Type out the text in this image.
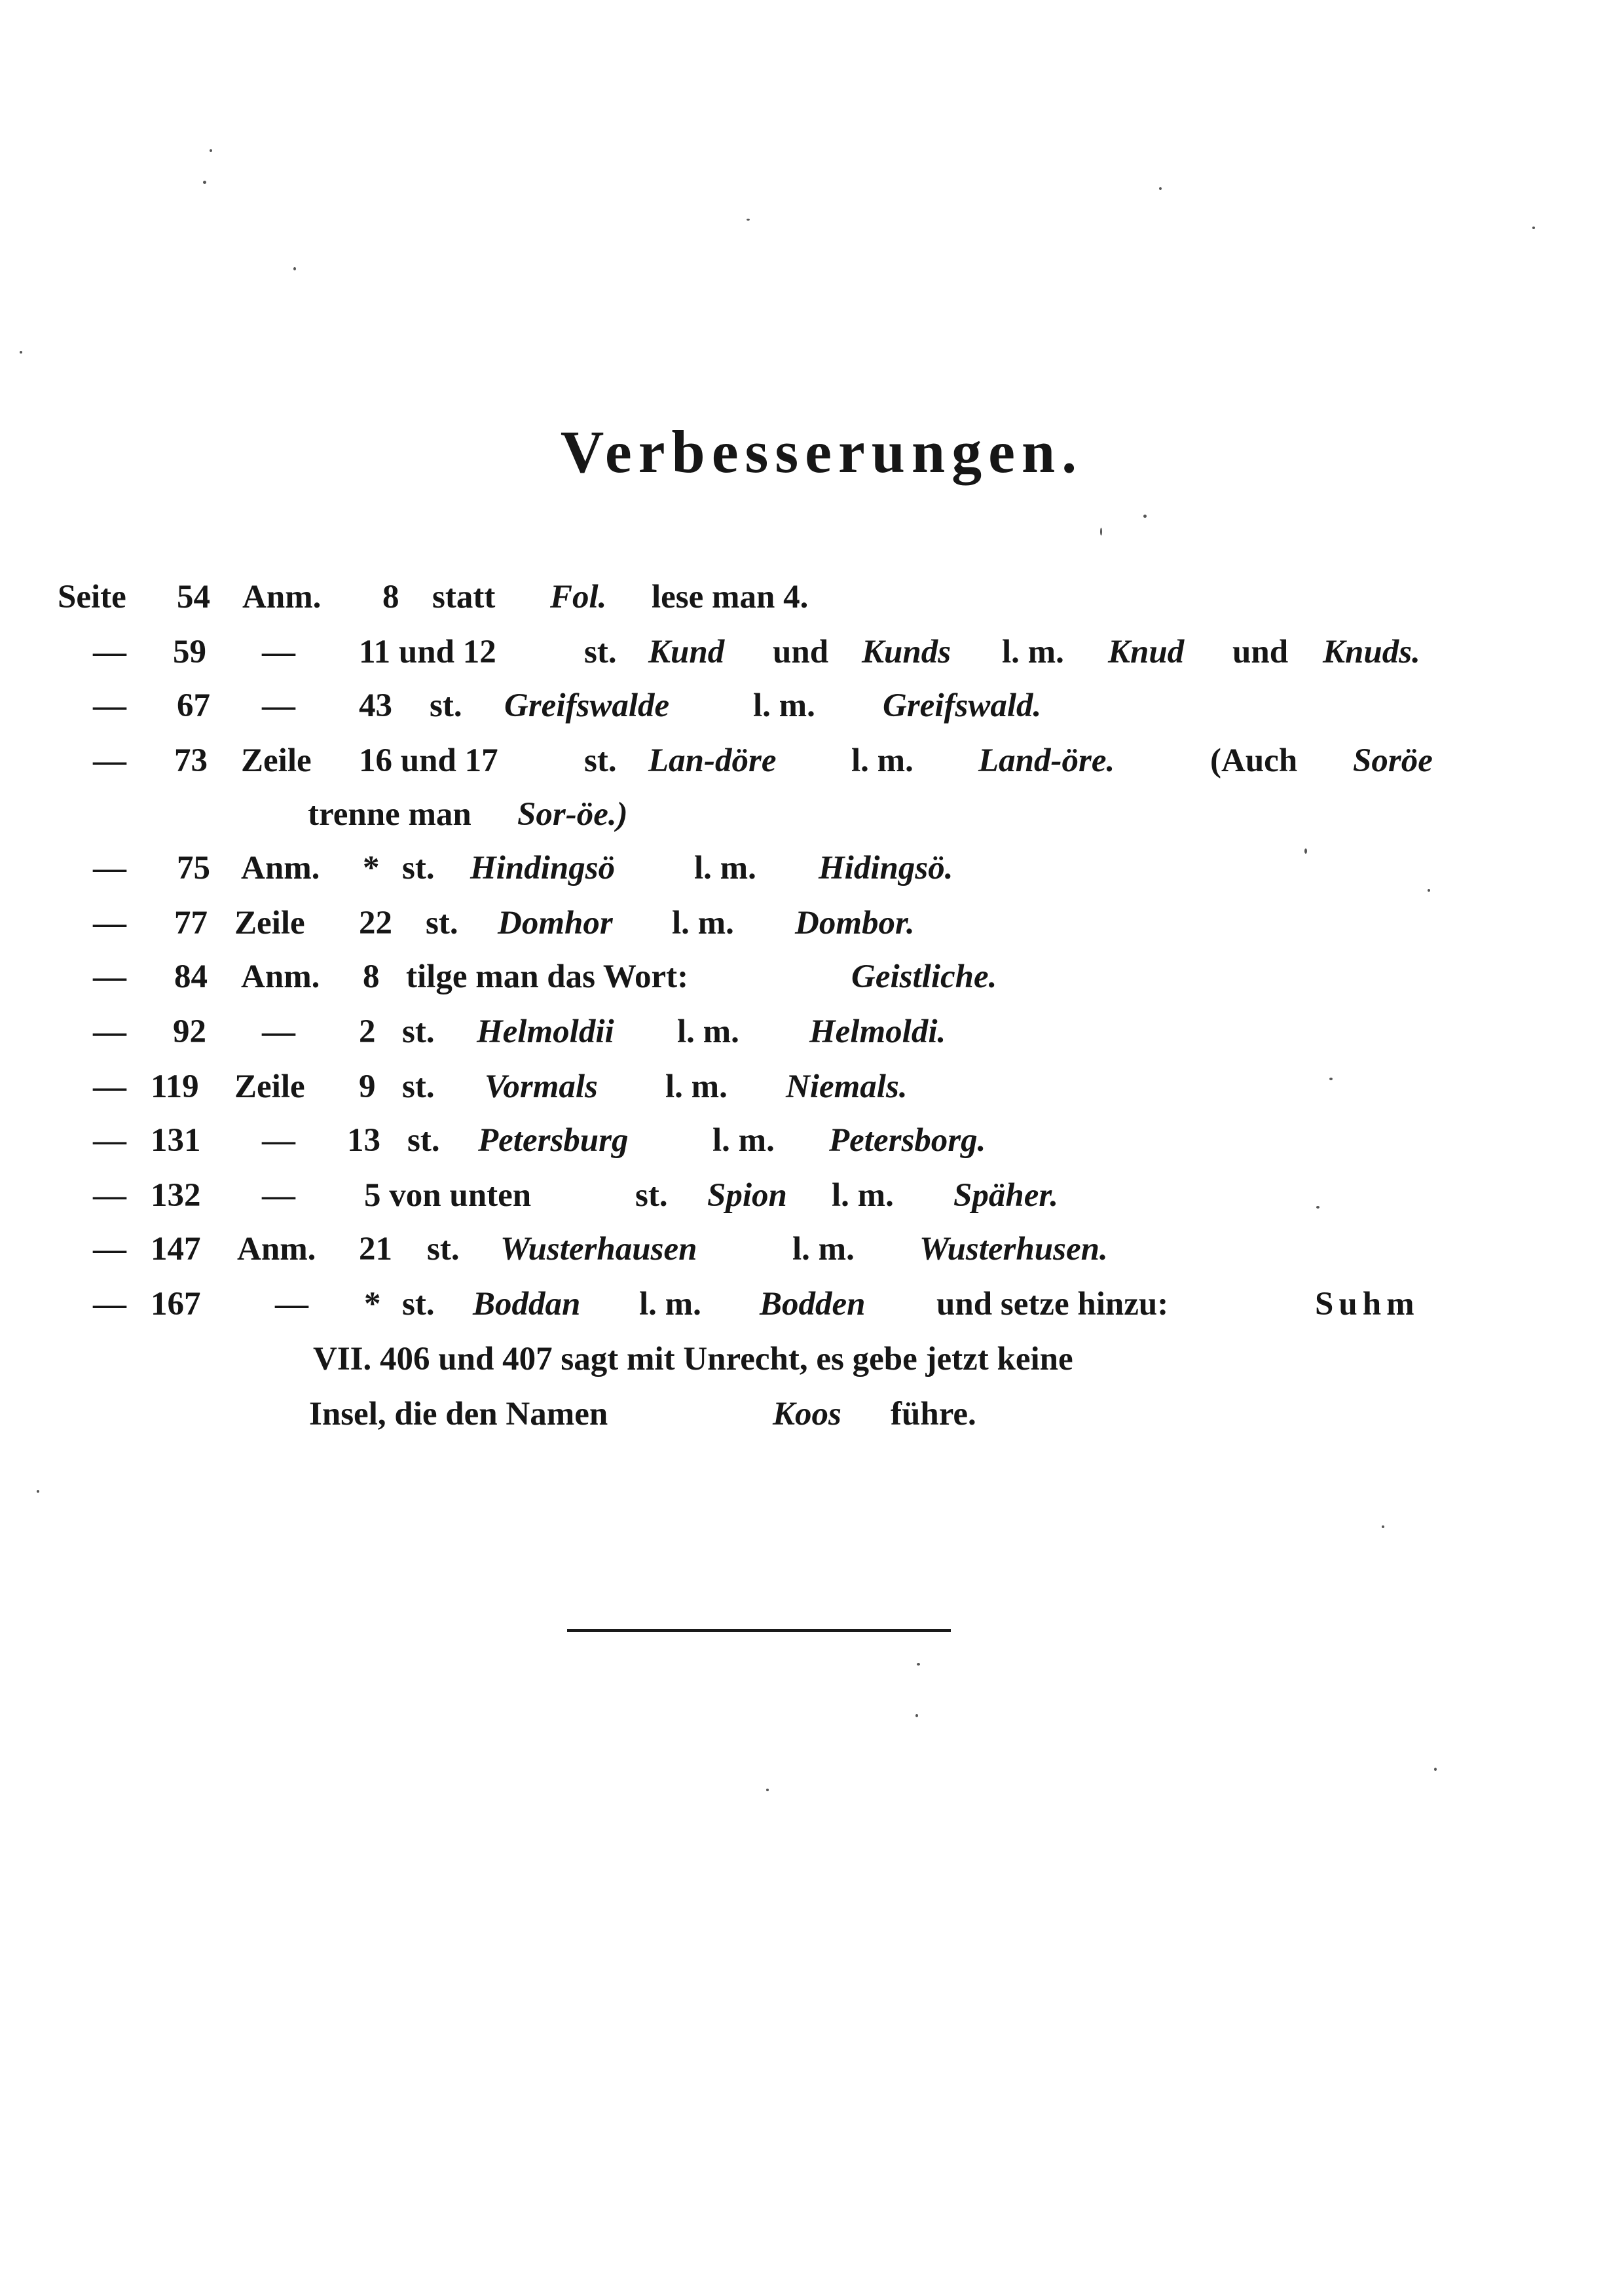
Verbesserungen.
Seite 54 Anm. 8 statt Fol. lese man 4.
— 59 — 11 und 12	st. Kund und Kunds l. m. Knud und Knuds.
— 67 — 43 st. Greifswalde	l. m. Greifswald.
— 73 Zeile 16 und 17	st. Lan-döre l. m. Land-öre.	(Auch Soröe
trenne man Sor-öe.)
— 75 Anm. * st. Hindingsö l. m. Hidingsö.
— 77 Zeile 22 st. Domhor l. m. Dombor.
— 84 Anm. 8 tilge man das Wort:	Geistliche.
— 92 — 2 st. Helmoldii l. m. Helmoldi.
— 119 Zeile 9 st. Vormals l. m. Niemals.
— 131 — 13 st. Petersburg	l. m. Petersborg.
— 132 — 5 von unten	st. Spion l. m. Späher.
— 147 Anm. 21 st. Wusterhausen	l. m. Wusterhusen.
— 167 — * st. Boddan l. m. Bodden und setze hinzu:	Suhm
VII. 406 und 407 sagt mit Unrecht, es gebe jetzt keine
Insel, die den Namen	Koos führe.
